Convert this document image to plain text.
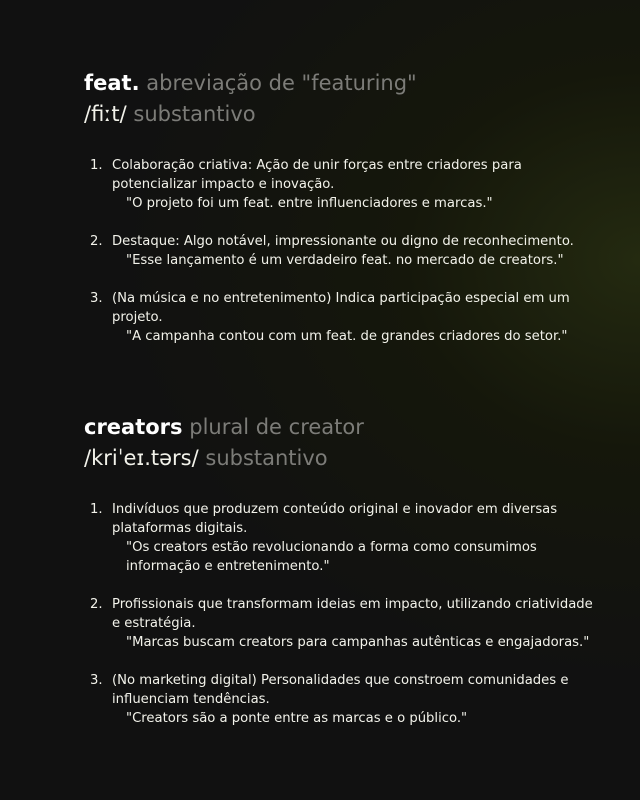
feat. abreviação de "featuring"
/fiːt/ substantivo
1. Colaboração criativa: Ação de unir forças entre criadores para potencializar impacto e inovação.
"O projeto foi um feat. entre influenciadores e marcas."
2. Destaque: Algo notável, impressionante ou digno de reconhecimento.
"Esse lançamento é um verdadeiro feat. no mercado de creators."
3. (Na música e no entretenimento) Indica participação especial em um projeto.
"A campanha contou com um feat. de grandes criadores do setor."
creators plural de creator
/kriˈeɪ.tərs/ substantivo
1. Indivíduos que produzem conteúdo original e inovador em diversas plataformas digitais.
"Os creators estão revolucionando a forma como consumimos informação e entretenimento."
2. Profissionais que transformam ideias em impacto, utilizando criatividade e estratégia.
"Marcas buscam creators para campanhas autênticas e engajadoras."
3. (No marketing digital) Personalidades que constroem comunidades e influenciam tendências.
"Creators são a ponte entre as marcas e o público."
